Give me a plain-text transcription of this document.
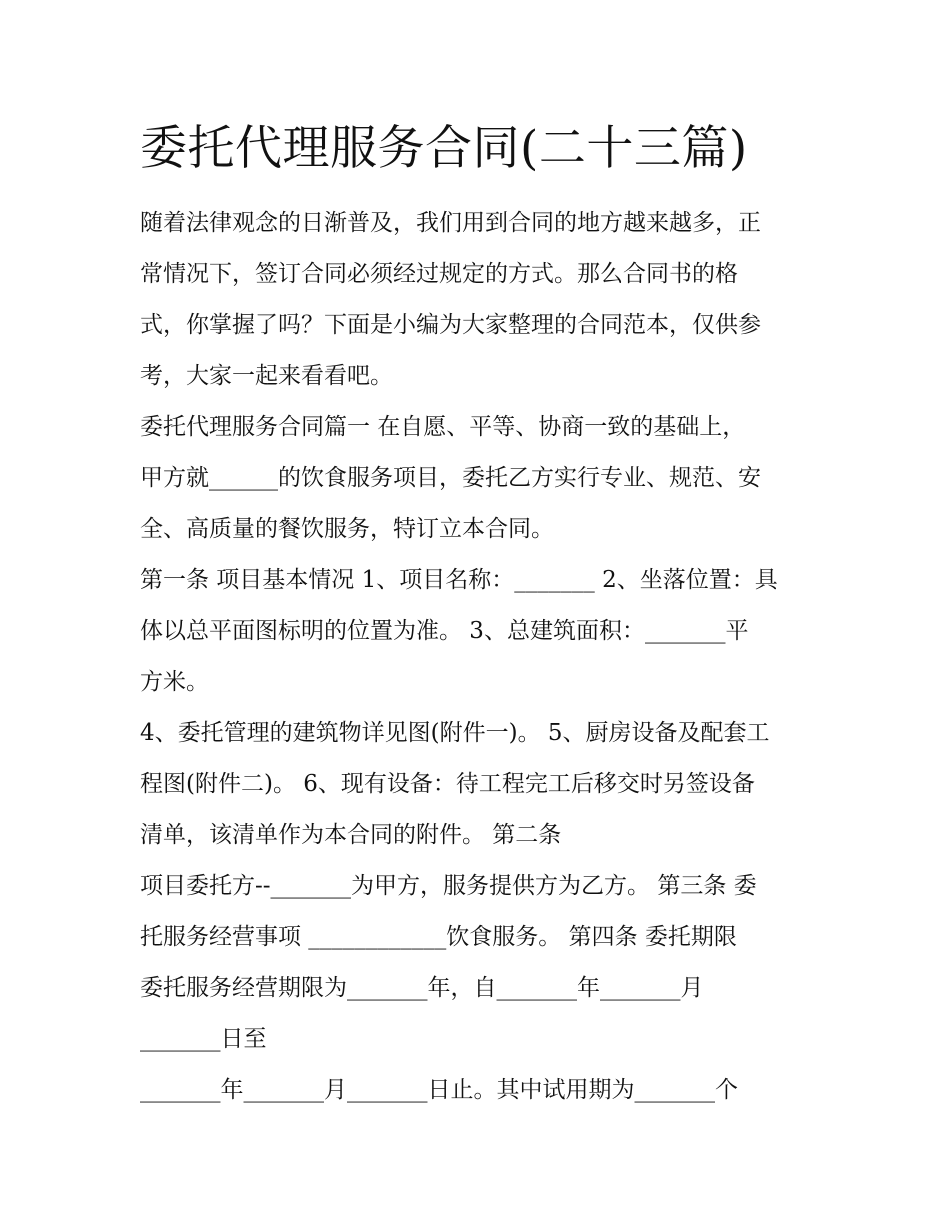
委托代理服务合同(二十三篇)
随着法律观念的日渐普及，我们用到合同的地方越来越多，正
常情况下，签订合同必须经过规定的方式。那么合同书的格
式，你掌握了吗？下面是小编为大家整理的合同范本，仅供参
考，大家一起来看看吧。
委托代理服务合同篇一 在自愿、平等、协商一致的基础上，
甲方就______的饮食服务项目，委托乙方实行专业、规范、安
全、高质量的餐饮服务，特订立本合同。
第一条 项目基本情况 1、项目名称：_______ 2、坐落位置：具
体以总平面图标明的位置为准。 3、总建筑面积：_______平
方米。
4、委托管理的建筑物详见图(附件一)。 5、厨房设备及配套工
程图(附件二)。 6、现有设备：待工程完工后移交时另签设备
清单，该清单作为本合同的附件。 第二条
项目委托方--_______为甲方，服务提供方为乙方。 第三条 委
托服务经营事项 ____________饮食服务。 第四条 委托期限
委托服务经营期限为_______年，自_______年_______月
_______日至
_______年_______月_______日止。其中试用期为_______个
